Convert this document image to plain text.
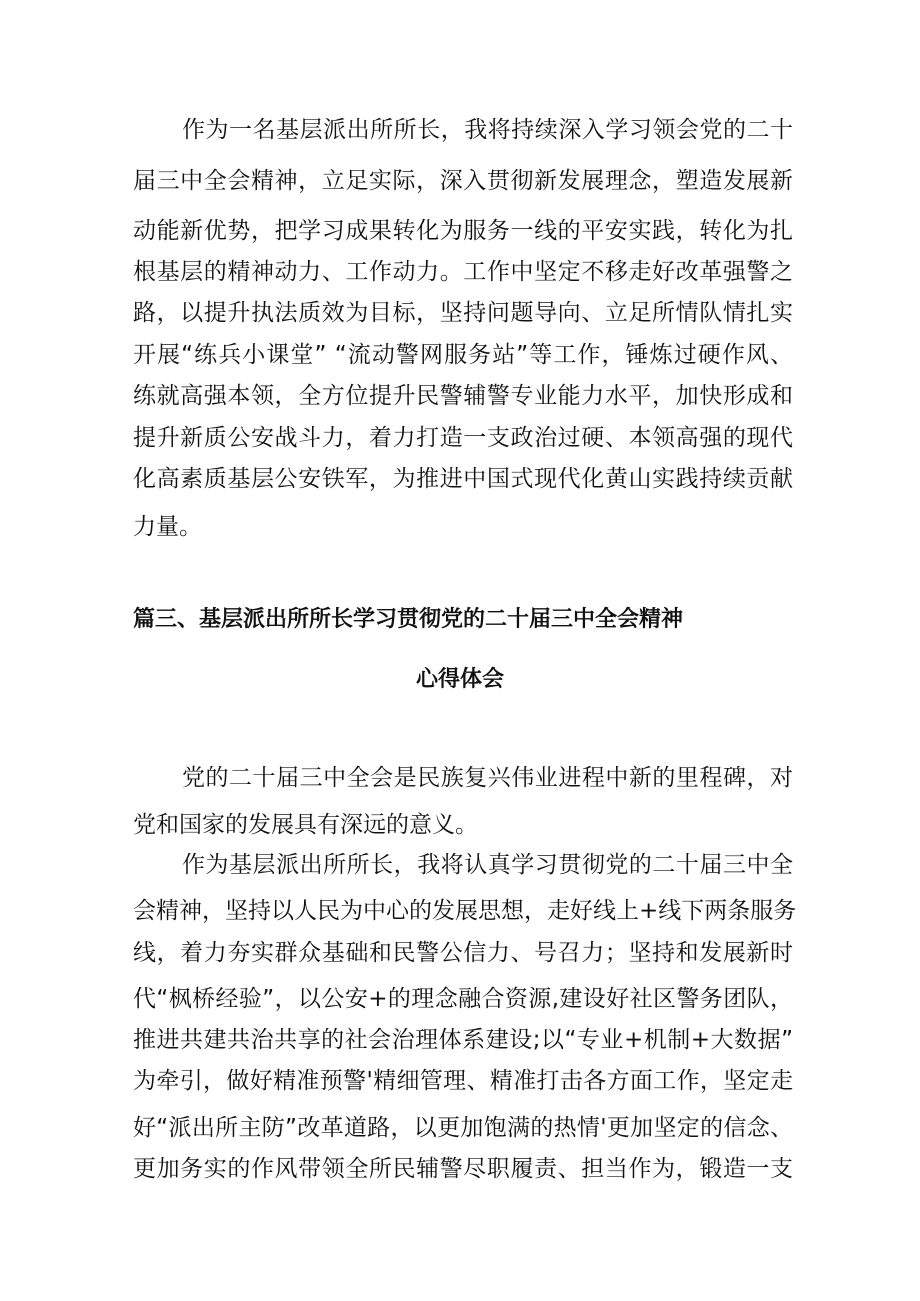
作为一名基层派出所所长，我将持续深入学习领会党的二十
届三中全会精神，立足实际，深入贯彻新发展理念，塑造发展新
动能新优势，把学习成果转化为服务一线的平安实践，转化为扎
根基层的精神动力、工作动力。工作中坚定不移走好改革强警之
路，以提升执法质效为目标，坚持问题导向、立足所情队情扎实
开展“练兵小课堂” “流动警网服务站”等工作，锤炼过硬作风、
练就高强本领，全方位提升民警辅警专业能力水平，加快形成和
提升新质公安战斗力，着力打造一支政治过硬、本领高强的现代
化高素质基层公安铁军，为推进中国式现代化黄山实践持续贡献
力量。
篇三、基层派出所所长学习贯彻党的二十届三中全会精神
心得体会
党的二十届三中全会是民族复兴伟业进程中新的里程碑，对
党和国家的发展具有深远的意义。
作为基层派出所所长，我将认真学习贯彻党的二十届三中全
会精神，坚持以人民为中心的发展思想，走好线上+线下两条服务
线，着力夯实群众基础和民警公信力、号召力；坚持和发展新时
代“枫桥经验”，以公安+的理念融合资源,建设好社区警务团队，
推进共建共治共享的社会治理体系建设;以“专业+机制+大数据”
为牵引，做好精准预警'精细管理、精准打击各方面工作，坚定走
好“派出所主防”改革道路，以更加饱满的热情'更加坚定的信念、
更加务实的作风带领全所民辅警尽职履责、担当作为，锻造一支
